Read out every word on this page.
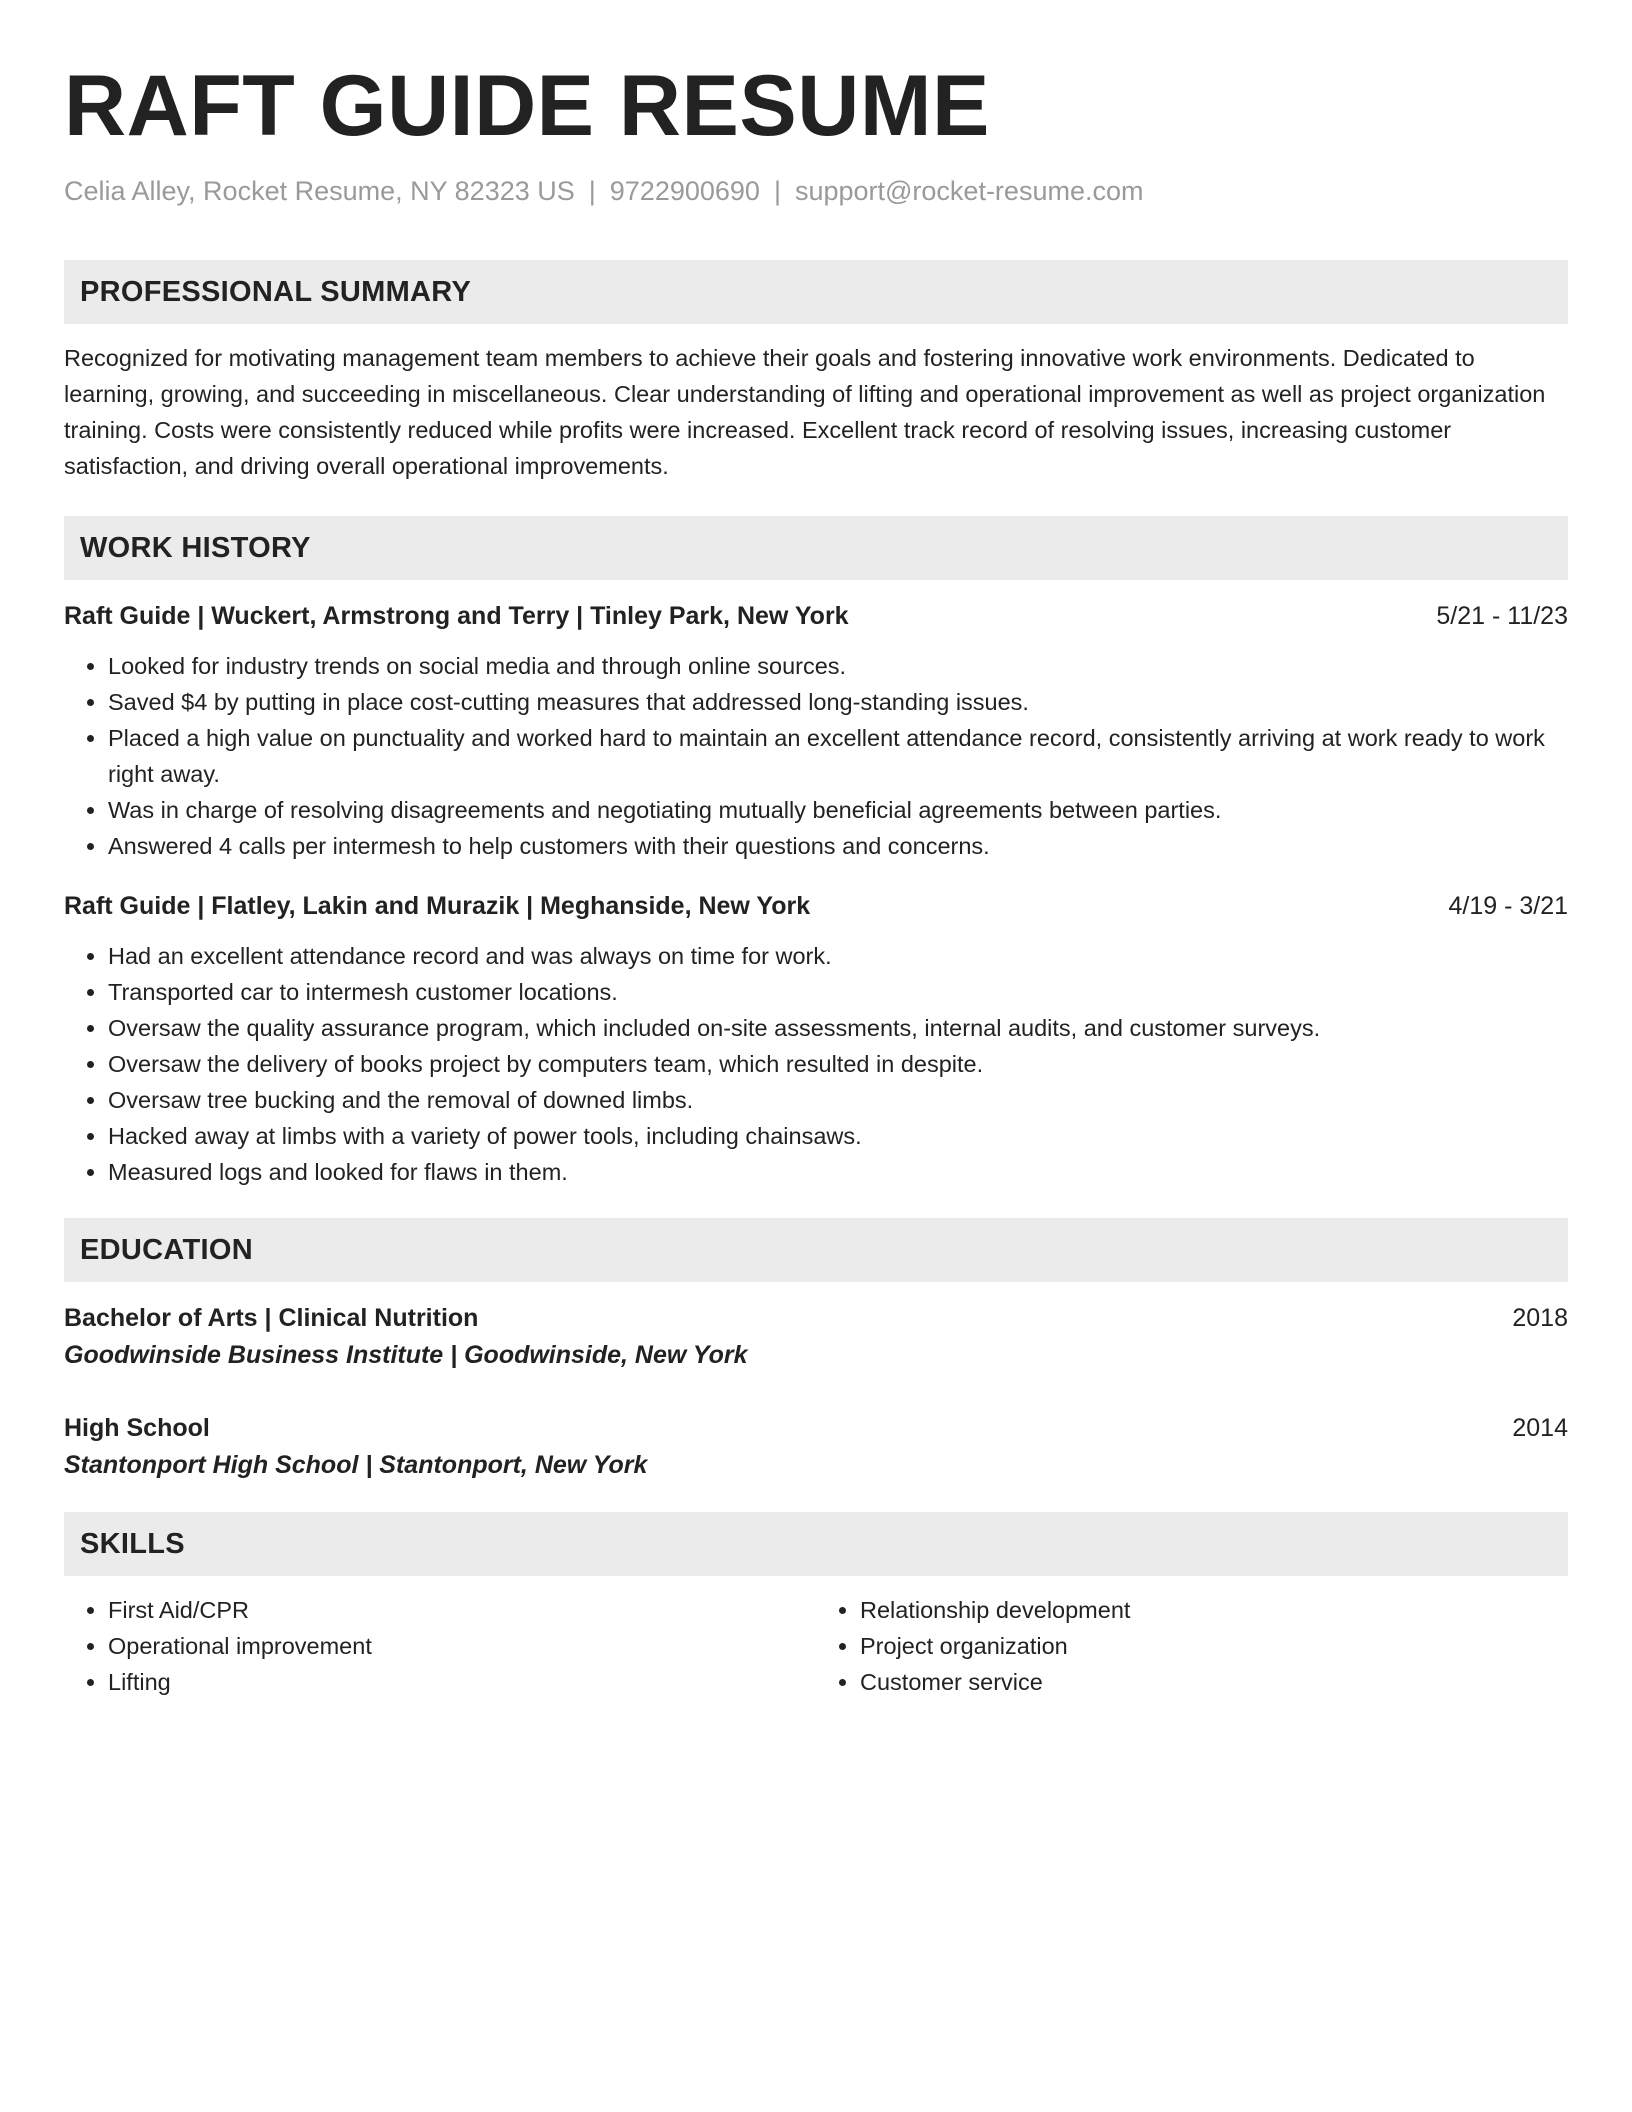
RAFT GUIDE RESUME
Celia Alley, Rocket Resume, NY 82323 US | 9722900690 | support@rocket-resume.com
PROFESSIONAL SUMMARY

Recognized for motivating management team members to achieve their goals and fostering innovative work environments. Dedicated to learning, growing, and succeeding in miscellaneous. Clear understanding of lifting and operational improvement as well as project organization training. Costs were consistently reduced while profits were increased. Excellent track record of resolving issues, increasing customer satisfaction, and driving overall operational improvements.

WORK HISTORY
Raft Guide | Wuckert, Armstrong and Terry | Tinley Park, New York	5/21 - 11/23
• Looked for industry trends on social media and through online sources.
• Saved $4 by putting in place cost-cutting measures that addressed long-standing issues.
• Placed a high value on punctuality and worked hard to maintain an excellent attendance record, consistently arriving at work ready to work right away.
• Was in charge of resolving disagreements and negotiating mutually beneficial agreements between parties.
• Answered 4 calls per intermesh to help customers with their questions and concerns.
Raft Guide | Flatley, Lakin and Murazik | Meghanside, New York	4/19 - 3/21
• Had an excellent attendance record and was always on time for work.
• Transported car to intermesh customer locations.
• Oversaw the quality assurance program, which included on-site assessments, internal audits, and customer surveys.
• Oversaw the delivery of books project by computers team, which resulted in despite.
• Oversaw tree bucking and the removal of downed limbs.
• Hacked away at limbs with a variety of power tools, including chainsaws.
• Measured logs and looked for flaws in them.
EDUCATION
Bachelor of Arts | Clinical Nutrition	2018
Goodwinside Business Institute | Goodwinside, New York
High School	2014
Stantonport High School | Stantonport, New York
SKILLS
• First Aid/CPR
• Operational improvement
• Lifting
• Relationship development
• Project organization
• Customer service
